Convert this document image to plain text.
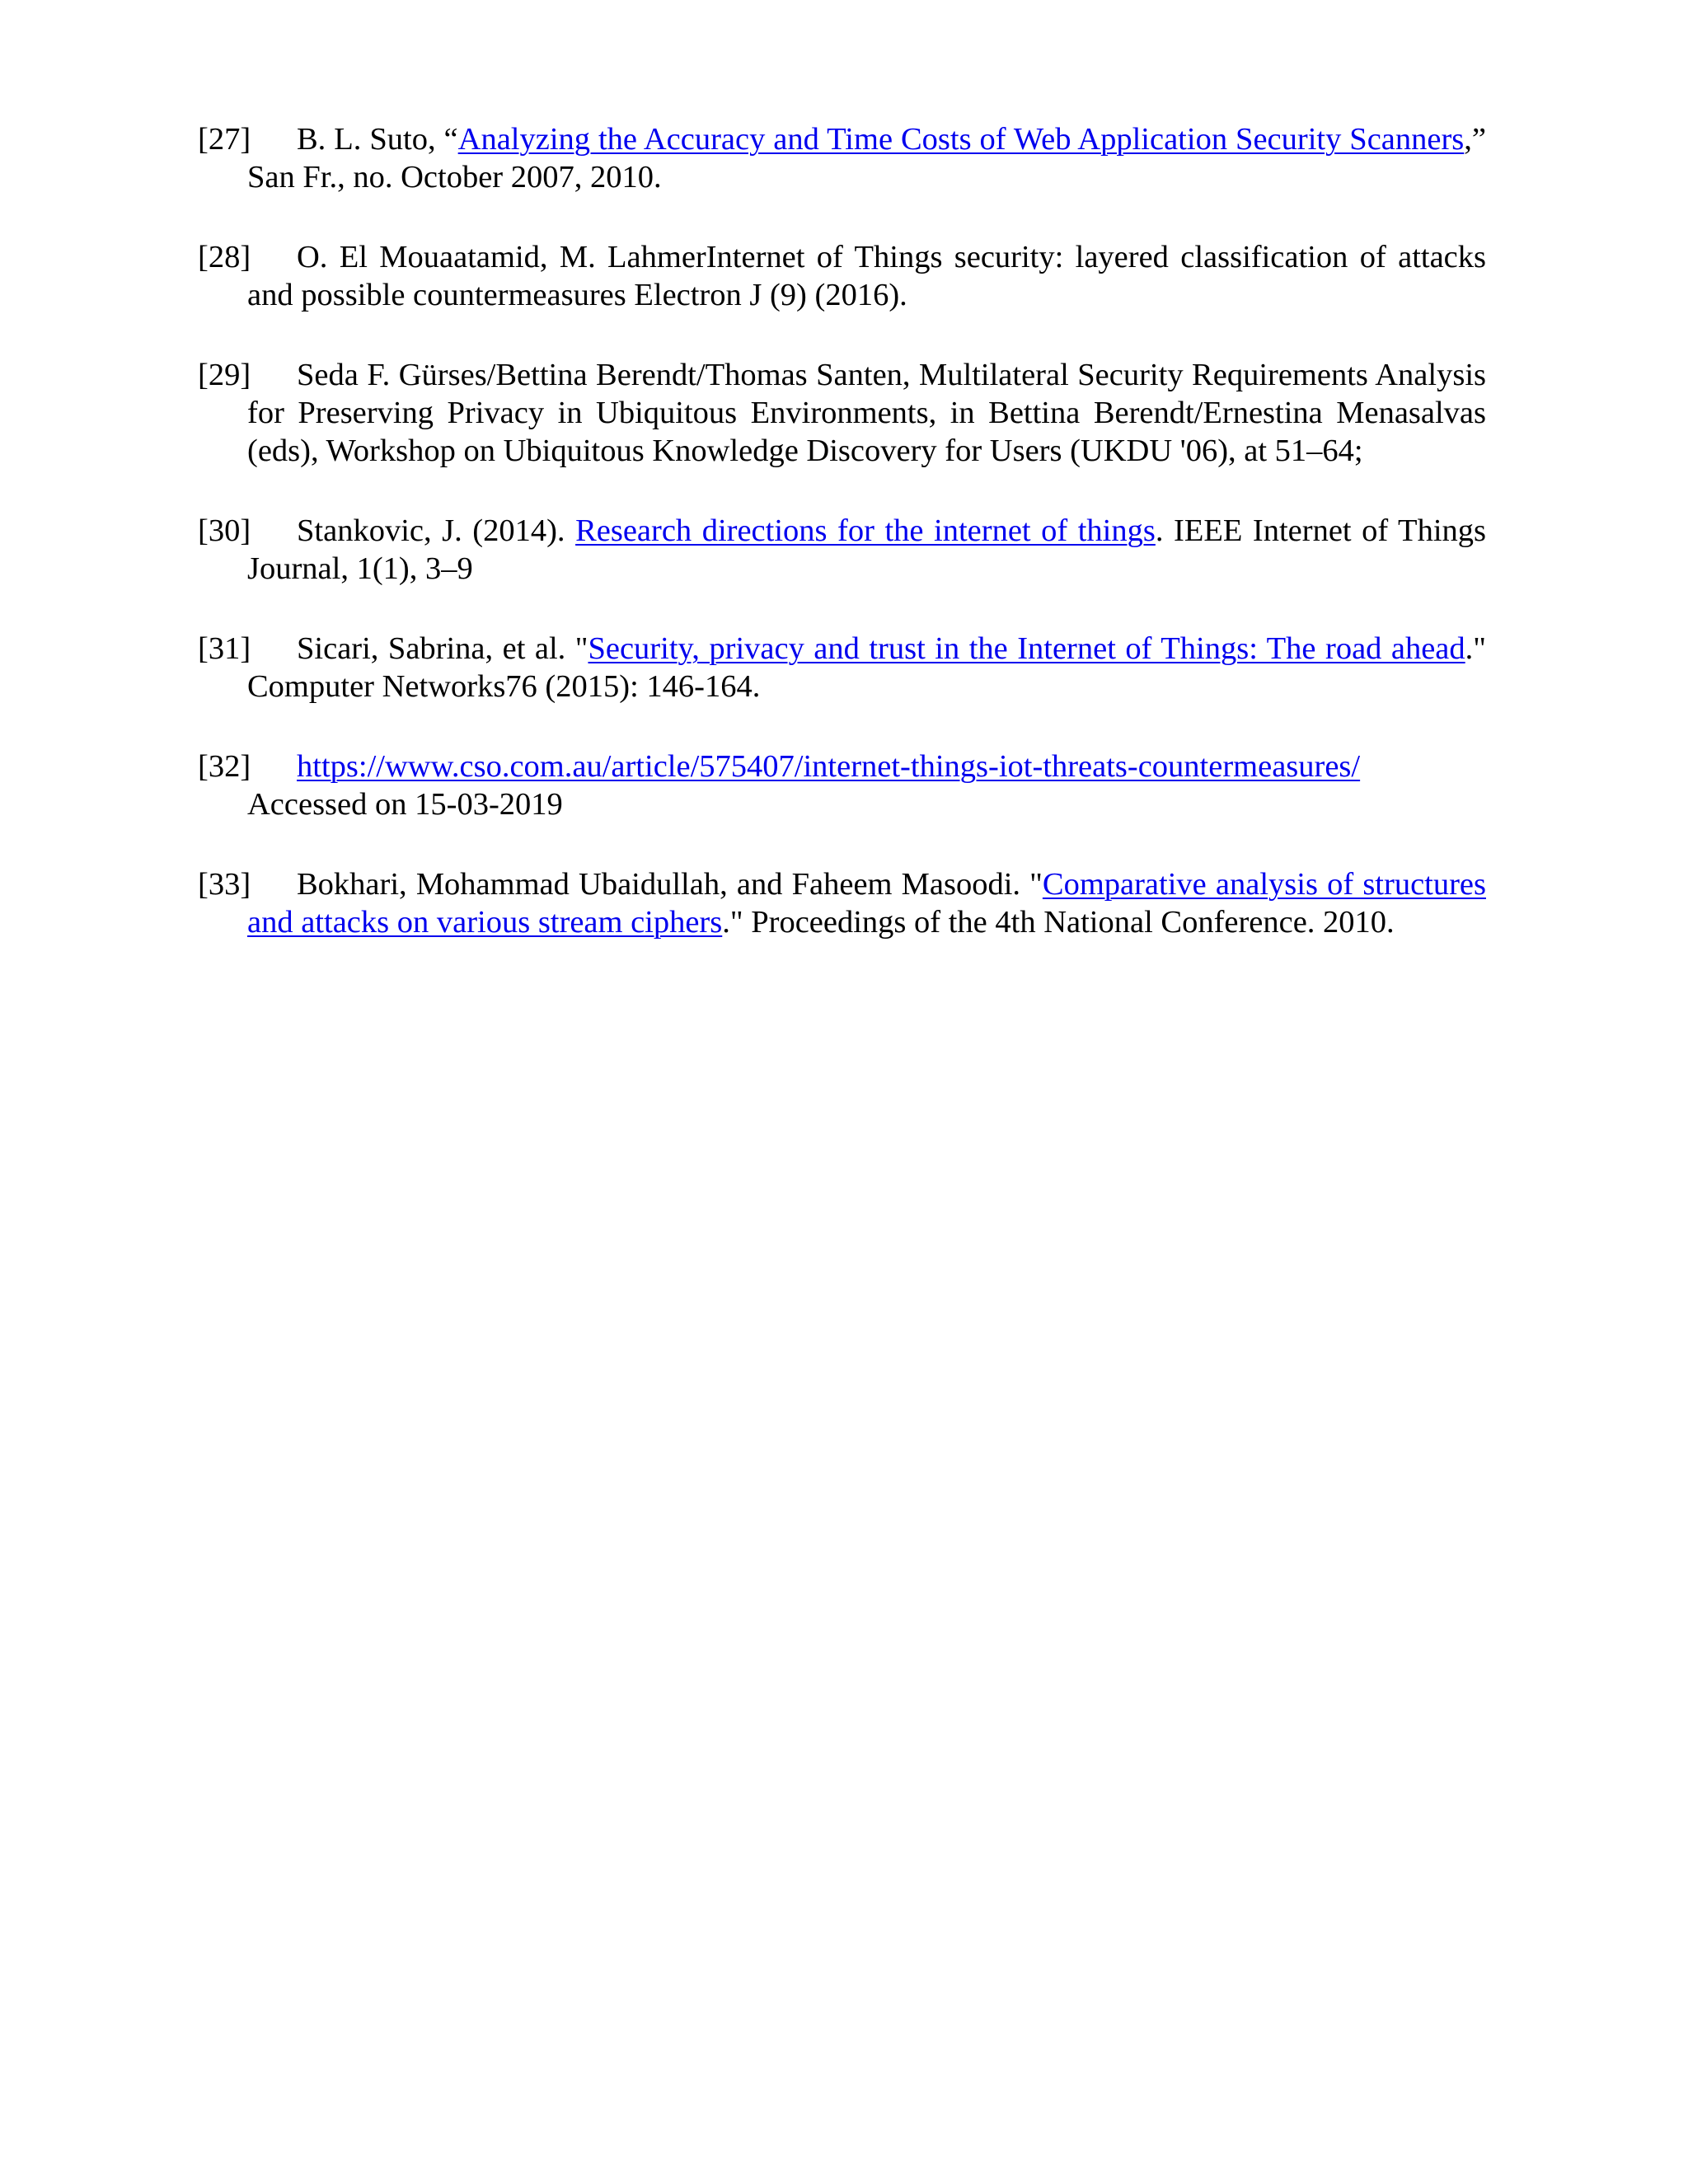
[27] B. L. Suto, “Analyzing the Accuracy and Time Costs of Web Application Security Scanners,” San Fr., no. October 2007, 2010.
[28] O. El Mouaatamid, M. LahmerInternet of Things security: layered classification of attacks and possible countermeasures Electron J (9) (2016).
[29] Seda F. Gürses/Bettina Berendt/Thomas Santen, Multilateral Security Requirements Analysis for Preserving Privacy in Ubiquitous Environments, in Bettina Berendt/Ernestina Menasalvas (eds), Workshop on Ubiquitous Knowledge Discovery for Users (UKDU '06), at 51–64;
[30] Stankovic, J. (2014). Research directions for the internet of things. IEEE Internet of Things Journal, 1(1), 3–9
[31] Sicari, Sabrina, et al. "Security, privacy and trust in the Internet of Things: The road ahead." Computer Networks76 (2015): 146-164.
[32] https://www.cso.com.au/article/575407/internet-things-iot-threats-countermeasures/
Accessed on 15-03-2019
[33] Bokhari, Mohammad Ubaidullah, and Faheem Masoodi. "Comparative analysis of structures and attacks on various stream ciphers." Proceedings of the 4th National Conference. 2010.
